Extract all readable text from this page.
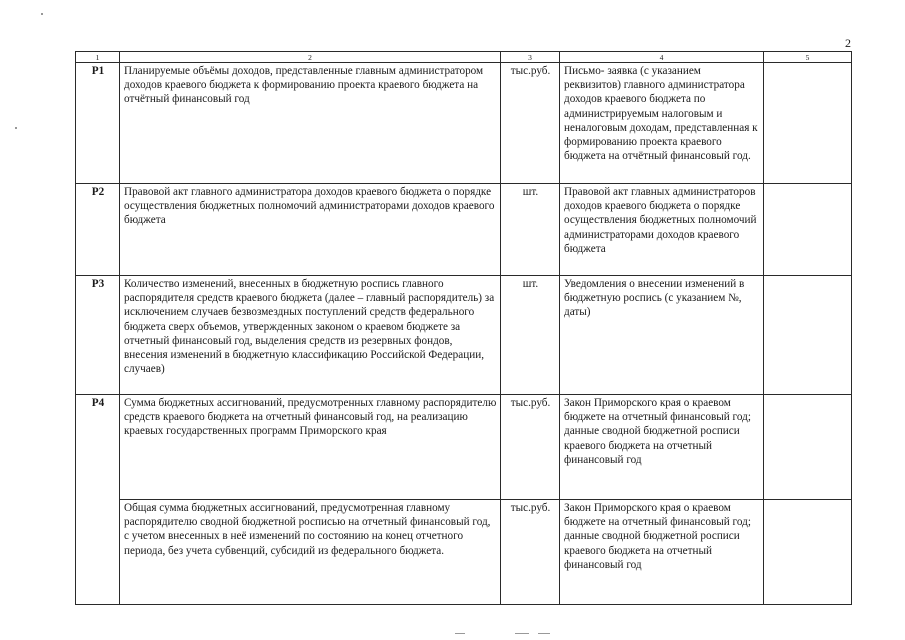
2
1	2	3	4	5
P1	Планируемые объёмы доходов, представленные главным администратором доходов краевого бюджета к формированию проекта краевого бюджета на отчётный финансовый год	тыс.руб.	Письмо- заявка (с указанием реквизитов) главного администратора доходов краевого бюджета по администрируемым налоговым и неналоговым доходам, представленная к формированию проекта краевого бюджета на отчётный финансовый год.	
P2	Правовой акт главного администратора доходов краевого бюджета о порядке осуществления бюджетных полномочий администраторами доходов краевого бюджета	шт.	Правовой акт главных администраторов доходов краевого бюджета о порядке осуществления бюджетных полномочий администраторами доходов краевого бюджета	
P3	Количество изменений, внесенных в бюджетную роспись главного распорядителя средств краевого бюджета (далее – главный распорядитель) за исключением случаев безвозмездных поступлений средств федерального бюджета сверх объемов, утвержденных законом о краевом бюджете за отчетный финансовый год, выделения средств из резервных фондов, внесения изменений в бюджетную классификацию Российской Федерации, случаев)	шт.	Уведомления о внесении изменений в бюджетную роспись (с указанием №, даты)	
P4	Сумма бюджетных ассигнований, предусмотренных главному распорядителю средств краевого бюджета на отчетный финансовый год, на реализацию краевых государственных программ Приморского края	тыс.руб.	Закон Приморского края о краевом бюджете на отчетный финансовый год;
данные сводной бюджетной росписи краевого бюджета на отчетный финансовый год	
	Общая сумма бюджетных ассигнований, предусмотренная главному распорядителю сводной бюджетной росписью на отчетный финансовый год, с учетом внесенных в неё изменений по состоянию на конец отчетного периода, без учета субвенций, субсидий из федерального бюджета.	тыс.руб.	Закон Приморского края о краевом бюджете на отчетный финансовый год;
данные сводной бюджетной росписи краевого бюджета на отчетный финансовый год	
